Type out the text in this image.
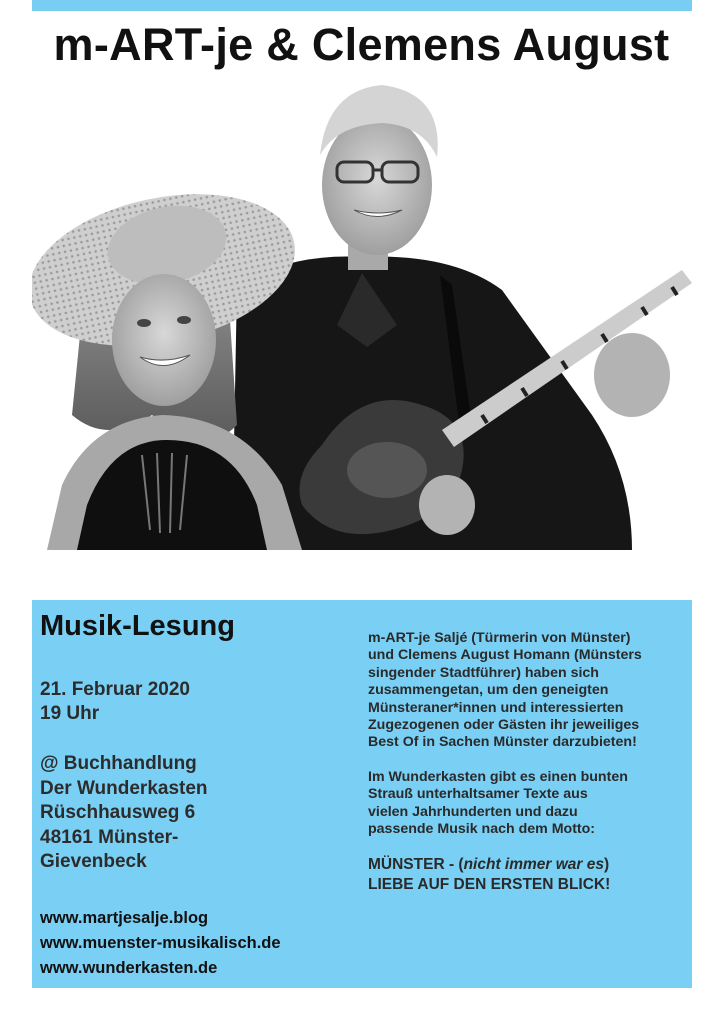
m-ART-je & Clemens August
Musik-Lesung
21. Februar 2020
19 Uhr
@ Buchhandlung
Der Wunderkasten
Rüschhausweg 6
48161 Münster-
Gievenbeck
www.martjesalje.blog
www.muenster-musikalisch.de
www.wunderkasten.de

m-ART-je Saljé (Türmerin von Münster)
und Clemens August Homann (Münsters
singender Stadtführer) haben sich
zusammengetan, um den geneigten
Münsteraner*innen und interessierten
Zugezogenen oder Gästen ihr jeweiliges
Best Of in Sachen Münster darzubieten!

Im Wunderkasten gibt es einen bunten
Strauß unterhaltsamer Texte aus
vielen Jahrhunderten und dazu
passende Musik nach dem Motto:

MÜNSTER - (nicht immer war es)
LIEBE AUF DEN ERSTEN BLICK!
